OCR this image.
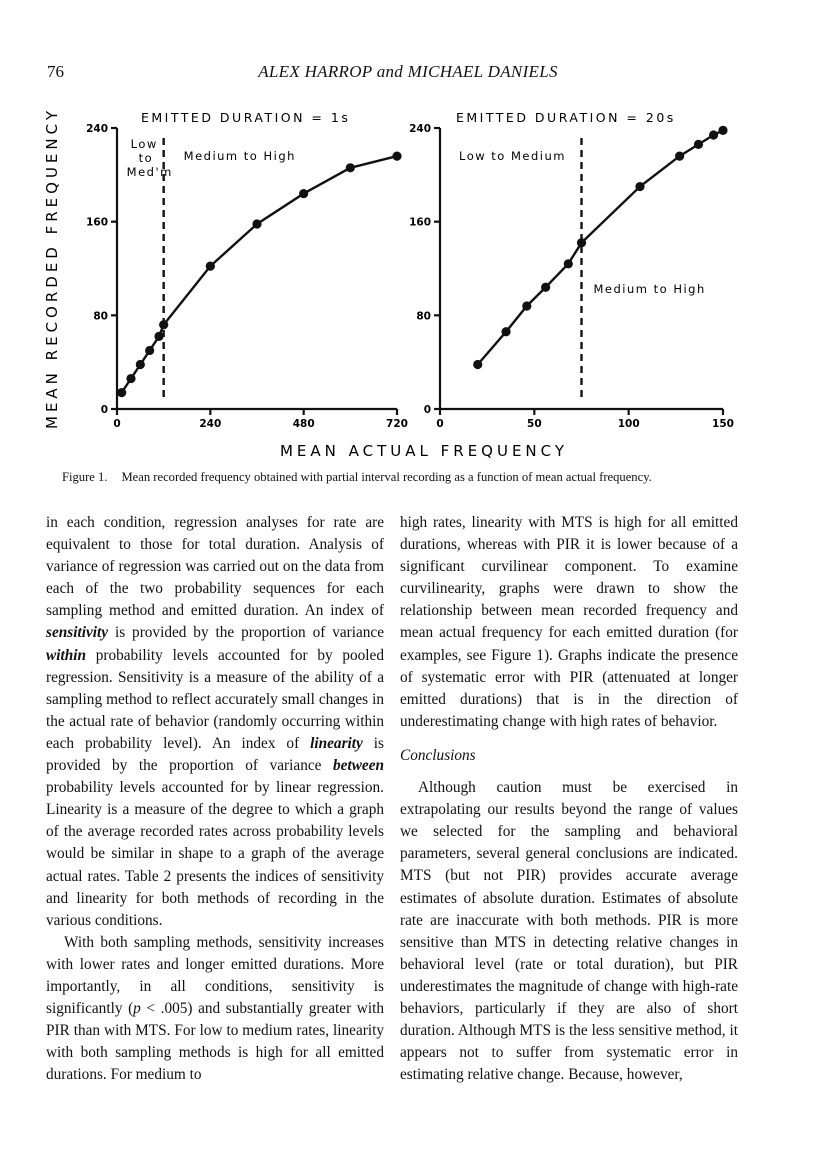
76	ALEX HARROP and MICHAEL DANIELS
MEAN RECORDED FREQUENCY
MEAN ACTUAL FREQUENCY
0
80
160
240
0	240	480	720
EMITTED DURATION = 1s
Low
to
Med'm
Medium to High
0
80
160
240
0	50	100	150
EMITTED DURATION = 20s
Low to Medium
Medium to High
Figure 1. Mean recorded frequency obtained with partial interval recording as a function of mean actual frequency.

in each condition, regression analyses for rate are equivalent to those for total duration. Analysis of variance of regression was carried out on the data from each of the two probability sequences for each sampling method and emitted duration. An index of sensitivity is provided by the proportion of variance within probability levels accounted for by pooled regression. Sensitivity is a measure of the ability of a sampling method to reflect accurately small changes in the actual rate of behavior (randomly occurring within each probability level). An index of linearity is provided by the proportion of variance between probability levels accounted for by linear regression. Linearity is a measure of the degree to which a graph of the average recorded rates across probability levels would be similar in shape to a graph of the average actual rates. Table 2 presents the indices of sensitivity and linearity for both methods of recording in the various conditions.

With both sampling methods, sensitivity increases with lower rates and longer emitted durations. More importantly, in all conditions, sensitivity is significantly (p < .005) and substantially greater with PIR than with MTS. For low to medium rates, linearity with both sampling methods is high for all emitted durations. For medium to

high rates, linearity with MTS is high for all emitted durations, whereas with PIR it is lower because of a significant curvilinear component. To examine curvilinearity, graphs were drawn to show the relationship between mean recorded frequency and mean actual frequency for each emitted duration (for examples, see Figure 1). Graphs indicate the presence of systematic error with PIR (attenuated at longer emitted durations) that is in the direction of underestimating change with high rates of behavior.

Conclusions

Although caution must be exercised in extrapolating our results beyond the range of values we selected for the sampling and behavioral parameters, several general conclusions are indicated. MTS (but not PIR) provides accurate average estimates of absolute duration. Estimates of absolute rate are inaccurate with both methods. PIR is more sensitive than MTS in detecting relative changes in behavioral level (rate or total duration), but PIR underestimates the magnitude of change with high-rate behaviors, particularly if they are also of short duration. Although MTS is the less sensitive method, it appears not to suffer from systematic error in estimating relative change. Because, however,
